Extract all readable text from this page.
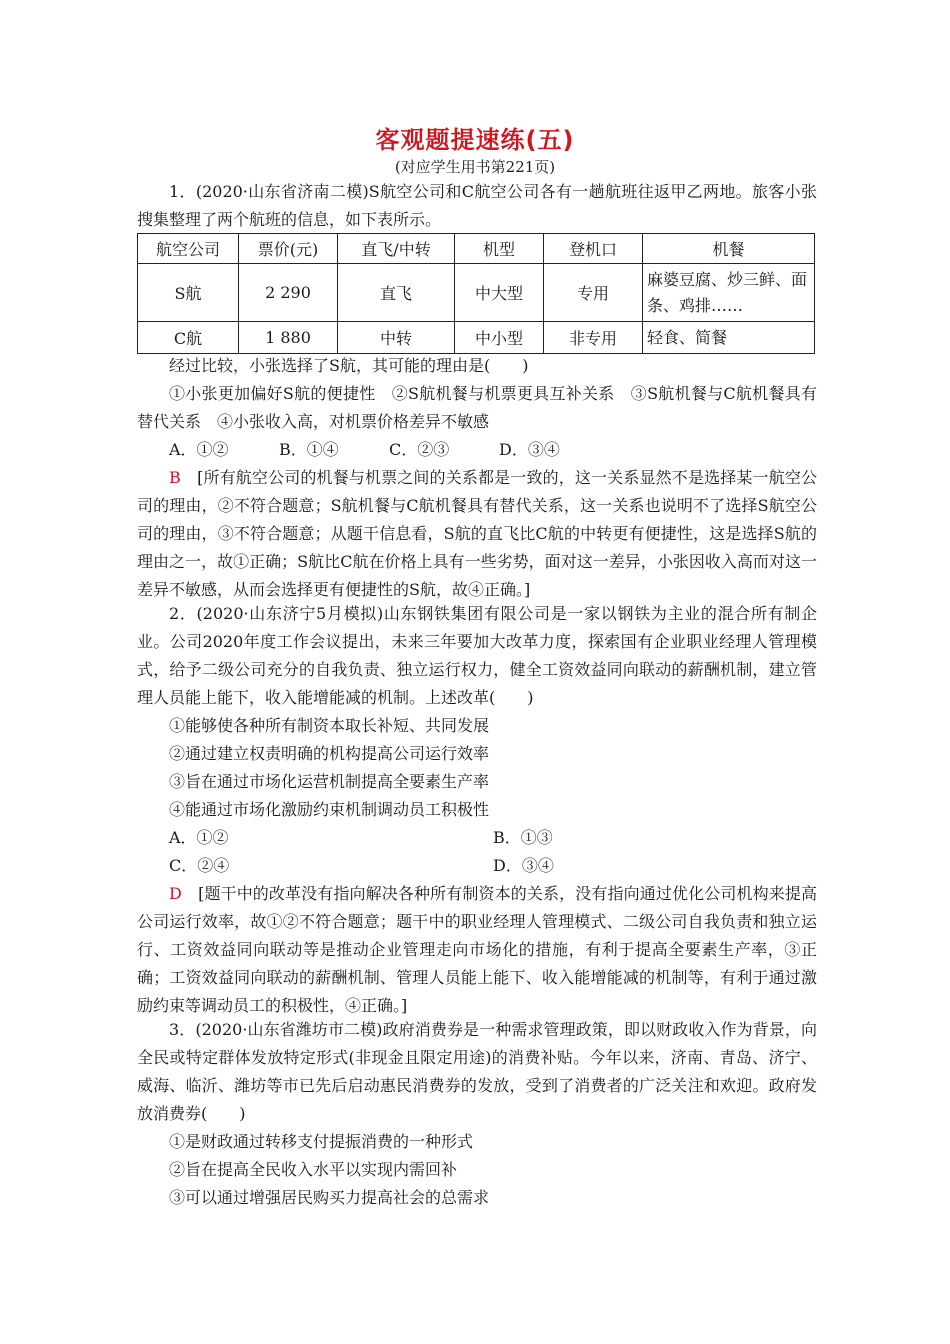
客观题提速练(五)
(对应学生用书第221页)

1．(2020·山东省济南二模)S航空公司和C航空公司各有一趟航班往返甲乙两地。旅客小张搜集整理了两个航班的信息，如下表所示。

航空公司	票价(元)	直飞/中转	机型	登机口	机餐
S航	2 290	直飞	中大型	专用	麻婆豆腐、炒三鲜、面条、鸡排……
C航	1 880	中转	中小型	非专用	轻食、简餐

经过比较，小张选择了S航，其可能的理由是(　　)

①小张更加偏好S航的便捷性　②S航机餐与机票更具互补关系　③S航机餐与C航机餐具有替代关系　④小张收入高，对机票价格差异不敏感

A．①②	B．①④	C．②③	D．③④

B　 [所有航空公司的机餐与机票之间的关系都是一致的，这一关系显然不是选择某一航空公司的理由，②不符合题意；S航机餐与C航机餐具有替代关系，这一关系也说明不了选择S航空公司的理由，③不符合题意；从题干信息看，S航的直飞比C航的中转更有便捷性，这是选择S航的理由之一，故①正确；S航比C航在价格上具有一些劣势，面对这一差异，小张因收入高而对这一差异不敏感，从而会选择更有便捷性的S航，故④正确。]

2．(2020·山东济宁5月模拟)山东钢铁集团有限公司是一家以钢铁为主业的混合所有制企业。公司2020年度工作会议提出，未来三年要加大改革力度，探索国有企业职业经理人管理模式，给予二级公司充分的自我负责、独立运行权力，健全工资效益同向联动的薪酬机制，建立管理人员能上能下，收入能增能减的机制。上述改革(　　)

①能够使各种所有制资本取长补短、共同发展

②通过建立权责明确的机构提高公司运行效率

③旨在通过市场化运营机制提高全要素生产率

④能通过市场化激励约束机制调动员工积极性

A．①②	B．①③
C．②④	D．③④

D　 [题干中的改革没有指向解决各种所有制资本的关系，没有指向通过优化公司机构来提高公司运行效率，故①②不符合题意；题干中的职业经理人管理模式、二级公司自我负责和独立运行、工资效益同向联动等是推动企业管理走向市场化的措施，有利于提高全要素生产率，③正确；工资效益同向联动的薪酬机制、管理人员能上能下、收入能增能减的机制等，有利于通过激励约束等调动员工的积极性，④正确。]

3．(2020·山东省潍坊市二模)政府消费券是一种需求管理政策，即以财政收入作为背景，向全民或特定群体发放特定形式(非现金且限定用途)的消费补贴。今年以来，济南、青岛、济宁、威海、临沂、潍坊等市已先后启动惠民消费券的发放，受到了消费者的广泛关注和欢迎。政府发放消费券(　　)

①是财政通过转移支付提振消费的一种形式

②旨在提高全民收入水平以实现内需回补

③可以通过增强居民购买力提高社会的总需求
